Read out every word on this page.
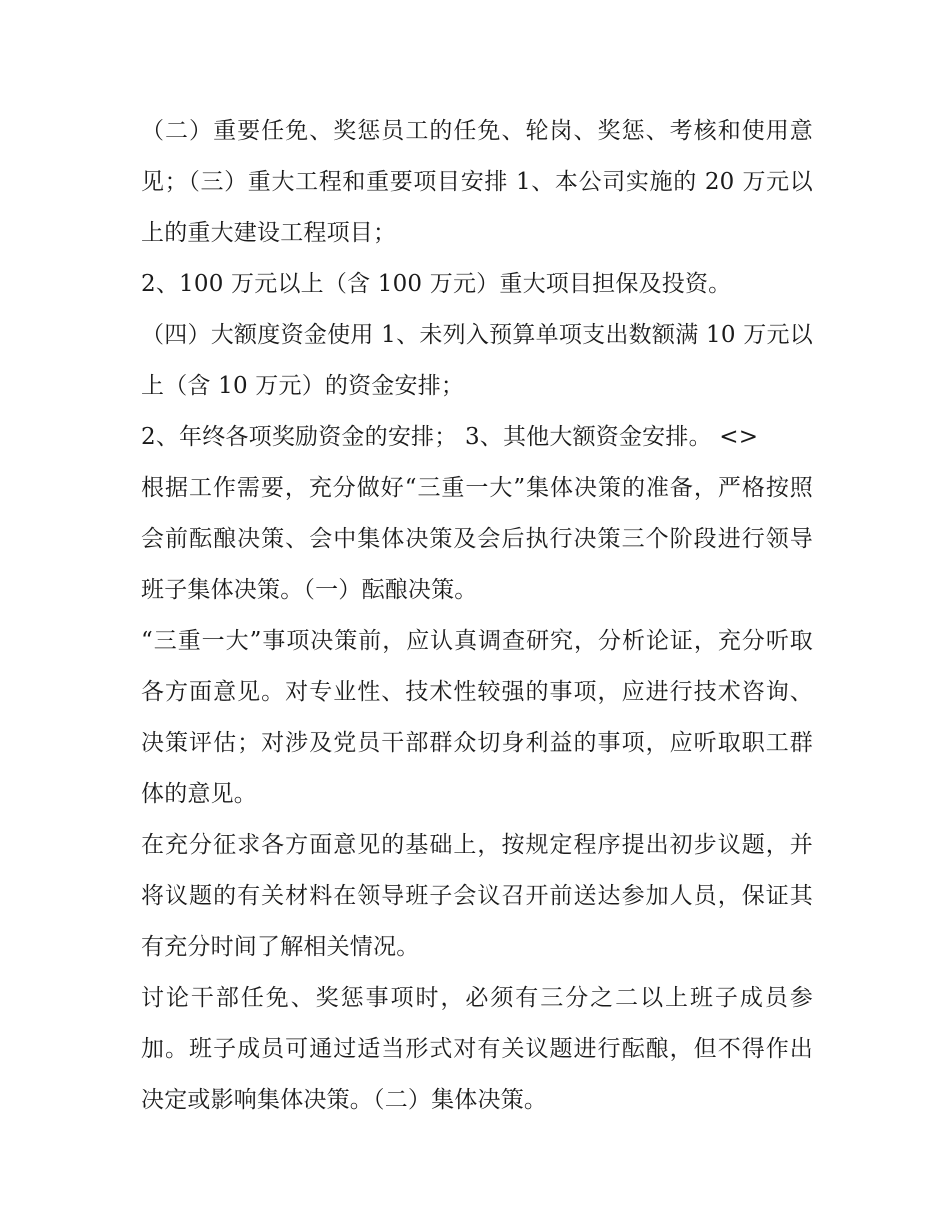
（二）重要任免、奖惩员工的任免、轮岗、奖惩、考核和使用意见；（三）重大工程和重要项目安排 1、本公司实施的 20 万元以上的重大建设工程项目；

2、100 万元以上（含 100 万元）重大项目担保及投资。

（四）大额度资金使用 1、未列入预算单项支出数额满 10 万元以上（含 10 万元）的资金安排；

2、年终各项奖励资金的安排； 3、其他大额资金安排。 <>

根据工作需要，充分做好“三重一大”集体决策的准备，严格按照会前酝酿决策、会中集体决策及会后执行决策三个阶段进行领导班子集体决策。（一）酝酿决策。

“三重一大”事项决策前，应认真调查研究，分析论证，充分听取各方面意见。对专业性、技术性较强的事项，应进行技术咨询、决策评估；对涉及党员干部群众切身利益的事项，应听取职工群体的意见。

在充分征求各方面意见的基础上，按规定程序提出初步议题，并将议题的有关材料在领导班子会议召开前送达参加人员，保证其有充分时间了解相关情况。

讨论干部任免、奖惩事项时，必须有三分之二以上班子成员参加。班子成员可通过适当形式对有关议题进行酝酿，但不得作出决定或影响集体决策。（二）集体决策。
